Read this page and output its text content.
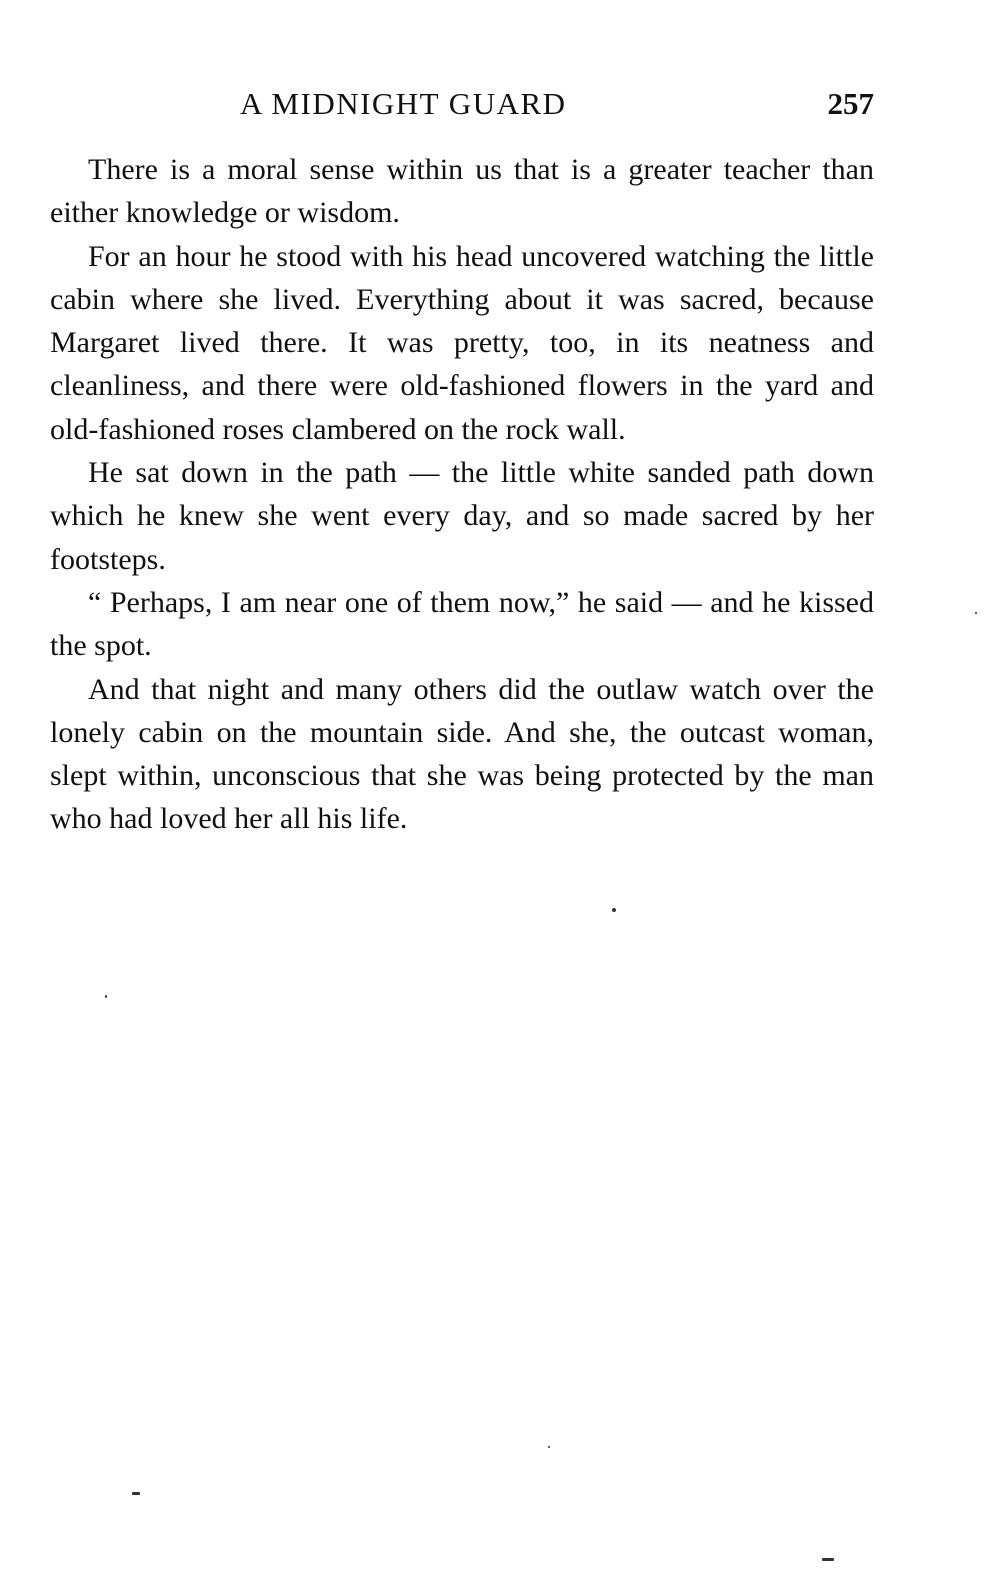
A MIDNIGHT GUARD	257

There is a moral sense within us that is a greater teacher than either knowledge or wisdom.

For an hour he stood with his head uncovered watching the little cabin where she lived. Everything about it was sacred, because Margaret lived there. It was pretty, too, in its neatness and cleanliness, and there were old-fashioned flowers in the yard and old-fashioned roses clambered on the rock wall.

He sat down in the path — the little white sanded path down which he knew she went every day, and so made sacred by her footsteps.

“ Perhaps, I am near one of them now,” he said — and he kissed the spot.

And that night and many others did the outlaw watch over the lonely cabin on the mountain side. And she, the outcast woman, slept within, unconscious that she was being protected by the man who had loved her all his life.
